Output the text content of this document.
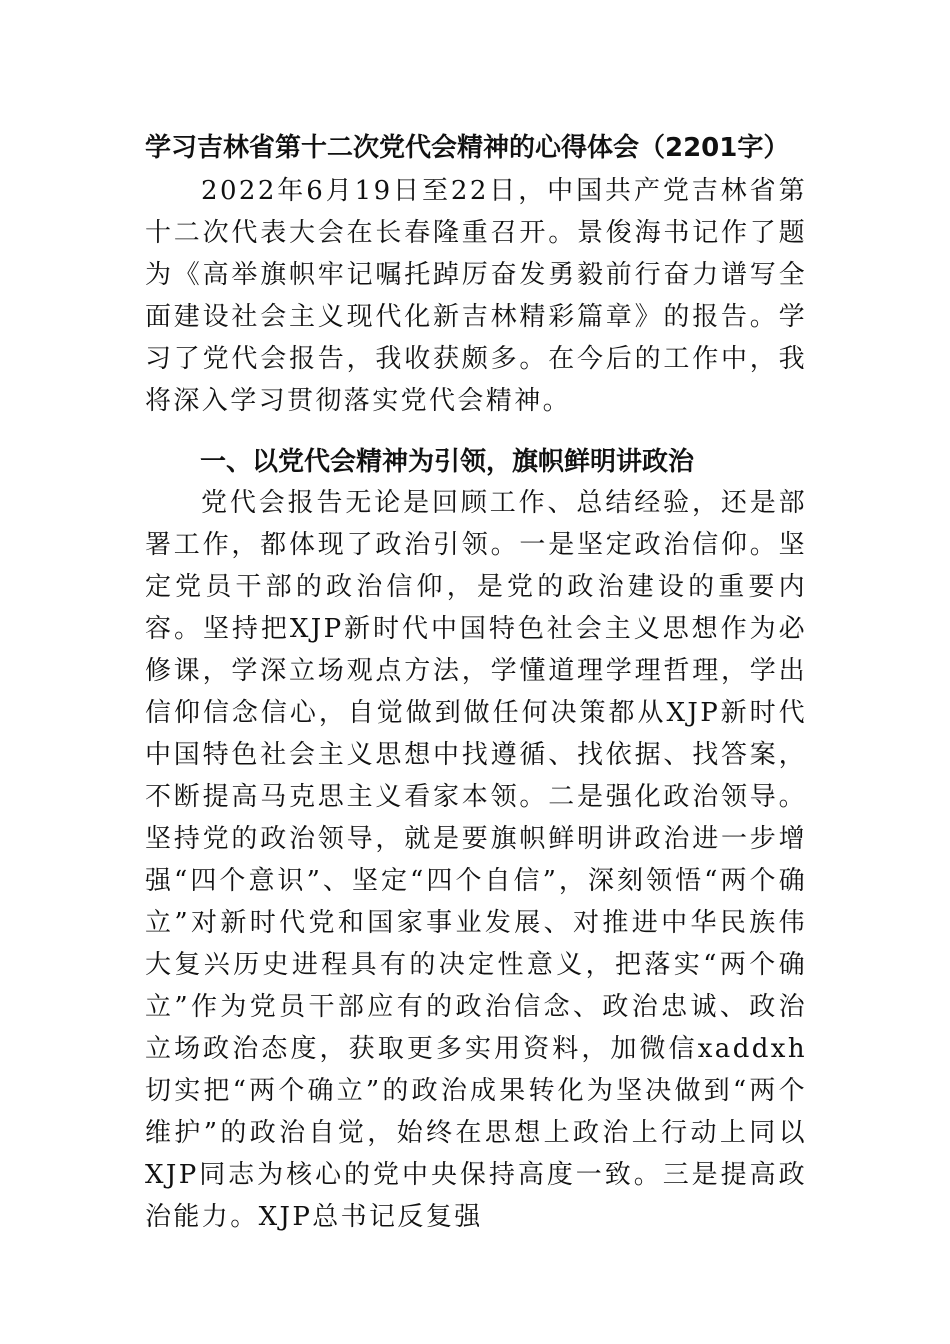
学习吉林省第十二次党代会精神的心得体会（2201字）

2022年6月19日至22日，中国共产党吉林省第十二次代表大会在长春隆重召开。景俊海书记作了题为《高举旗帜牢记嘱托踔厉奋发勇毅前行奋力谱写全面建设社会主义现代化新吉林精彩篇章》的报告。学习了党代会报告，我收获颇多。在今后的工作中，我将深入学习贯彻落实党代会精神。

一、以党代会精神为引领，旗帜鲜明讲政治

党代会报告无论是回顾工作、总结经验，还是部署工作，都体现了政治引领。一是坚定政治信仰。坚定党员干部的政治信仰，是党的政治建设的重要内容。坚持把XJP新时代中国特色社会主义思想作为必修课，学深立场观点方法，学懂道理学理哲理，学出信仰信念信心，自觉做到做任何决策都从XJP新时代中国特色社会主义思想中找遵循、找依据、找答案，不断提高马克思主义看家本领。二是强化政治领导。坚持党的政治领导，就是要旗帜鲜明讲政治进一步增强“四个意识”、坚定“四个自信”，深刻领悟“两个确立”对新时代党和国家事业发展、对推进中华民族伟大复兴历史进程具有的决定性意义，把落实“两个确立”作为党员干部应有的政治信念、政治忠诚、政治立场政治态度，获取更多实用资料，加微信xaddxh切实把“两个确立”的政治成果转化为坚决做到“两个维护”的政治自觉，始终在思想上政治上行动上同以XJP同志为核心的党中央保持高度一致。三是提高政治能力。XJP总书记反复强
